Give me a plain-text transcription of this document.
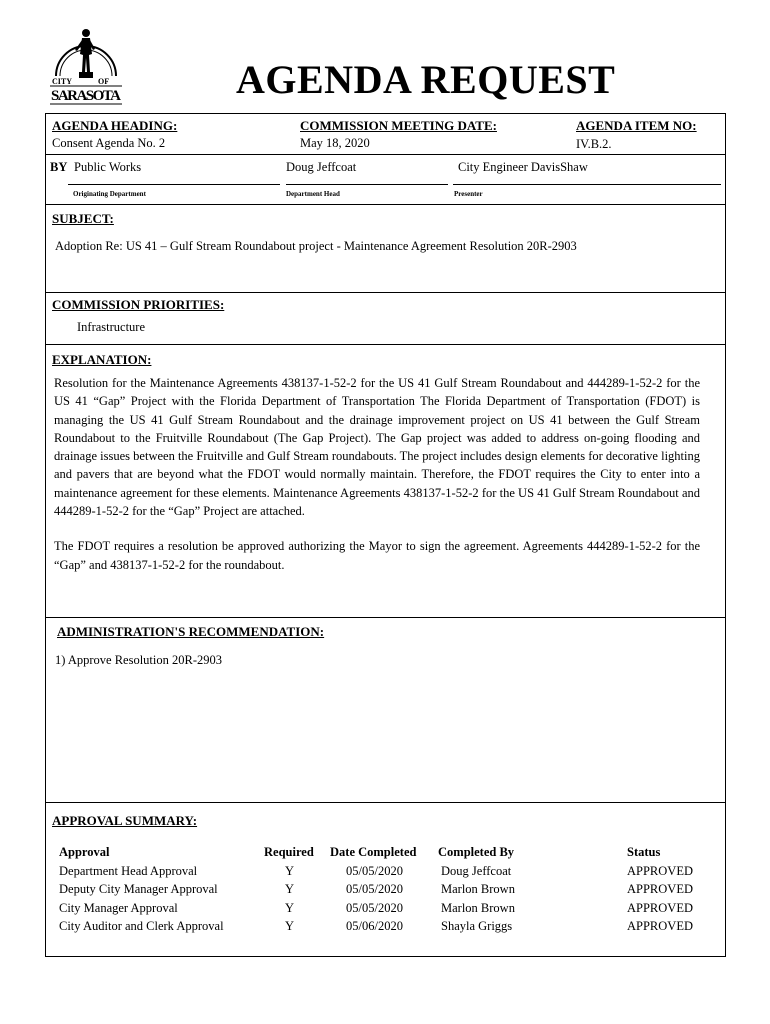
CITY	OF
SARASOTA	AGENDA REQUEST
AGENDA HEADING:
Consent Agenda No. 2
COMMISSION MEETING DATE:
May 18, 2020
AGENDA ITEM NO:
IV.B.2.
BY Public Works	Doug Jeffcoat	City Engineer DavisShaw
Originating Department	Department Head	Presenter
SUBJECT:
Adoption Re: US 41 – Gulf Stream Roundabout project - Maintenance Agreement Resolution 20R-2903
COMMISSION PRIORITIES:
Infrastructure
EXPLANATION:

Resolution for the Maintenance Agreements 438137-1-52-2 for the US 41 Gulf Stream Roundabout and 444289-1-52-2 for the US 41 “Gap” Project with the Florida Department of Transportation The Florida Department of Transportation (FDOT) is managing the US 41 Gulf Stream Roundabout and the drainage improvement project on US 41 between the Gulf Stream Roundabout to the Fruitville Roundabout (The Gap Project). The Gap project was added to address on-going flooding and drainage issues between the Fruitville and Gulf Stream roundabouts. The project includes design elements for decorative lighting and pavers that are beyond what the FDOT would normally maintain. Therefore, the FDOT requires the City to enter into a maintenance agreement for these elements. Maintenance Agreements 438137-1-52-2 for the US 41 Gulf Stream Roundabout and 444289-1-52-2 for the “Gap” Project are attached.

The FDOT requires a resolution be approved authorizing the Mayor to sign the agreement. Agreements 444289-1-52-2 for the “Gap” and 438137-1-52-2 for the roundabout.

ADMINISTRATION'S RECOMMENDATION:
1) Approve Resolution 20R-2903
APPROVAL SUMMARY:
Approval	Required	Date Completed	Completed By	Status
Department Head Approval	Y	05/05/2020	Doug Jeffcoat	APPROVED
Deputy City Manager Approval	Y	05/05/2020	Marlon Brown	APPROVED
City Manager Approval	Y	05/05/2020	Marlon Brown	APPROVED
City Auditor and Clerk Approval	Y	05/06/2020	Shayla Griggs	APPROVED
